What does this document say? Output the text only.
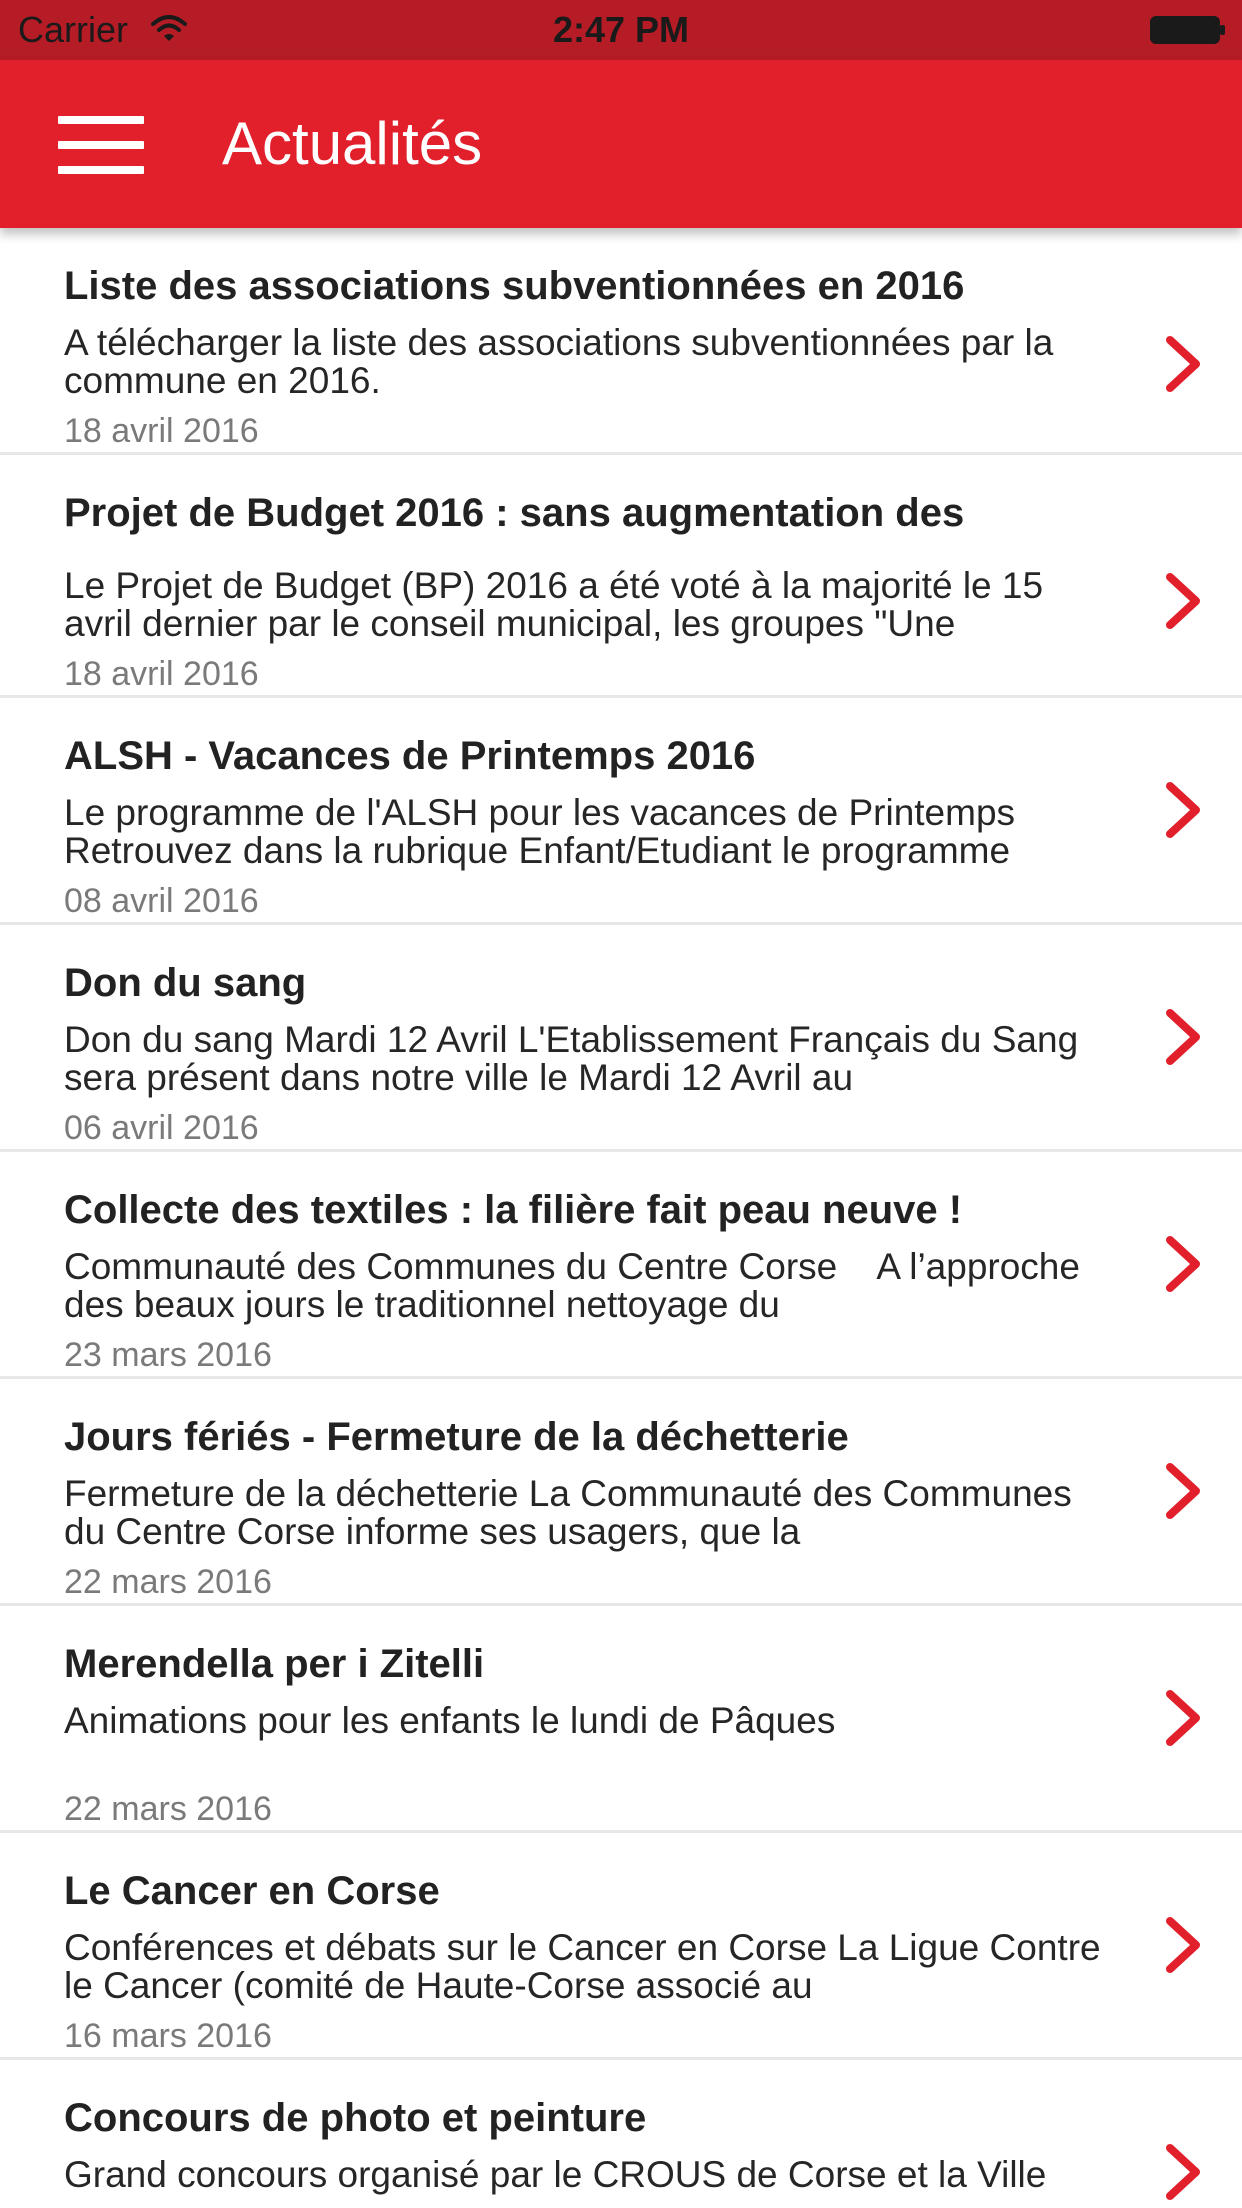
Carrier	2:47 PM
Actualités
Liste des associations subventionnées en 2016
A télécharger la liste des associations subventionnées par la commune en 2016.
18 avril 2016
Projet de Budget 2016 : sans augmentation des
Le Projet de Budget (BP) 2016 a été voté à la majorité le 15 avril dernier par le conseil municipal, les groupes "Une
18 avril 2016
ALSH - Vacances de Printemps 2016
Le programme de l'ALSH pour les vacances de Printemps Retrouvez dans la rubrique Enfant/Etudiant le programme
08 avril 2016
Don du sang
Don du sang Mardi 12 Avril L'Etablissement Français du Sang sera présent dans notre ville le Mardi 12 Avril au
06 avril 2016
Collecte des textiles : la filière fait peau neuve !
Communauté des Communes du Centre Corse    A l’approche des beaux jours le traditionnel nettoyage du
23 mars 2016
Jours fériés - Fermeture de la déchetterie
Fermeture de la déchetterie La Communauté des Communes du Centre Corse informe ses usagers, que la
22 mars 2016
Merendella per i Zitelli
Animations pour les enfants le lundi de Pâques
22 mars 2016
Le Cancer en Corse
Conférences et débats sur le Cancer en Corse La Ligue Contre le Cancer (comité de Haute-Corse associé au
16 mars 2016
Concours de photo et peinture
Grand concours organisé par le CROUS de Corse et la Ville
